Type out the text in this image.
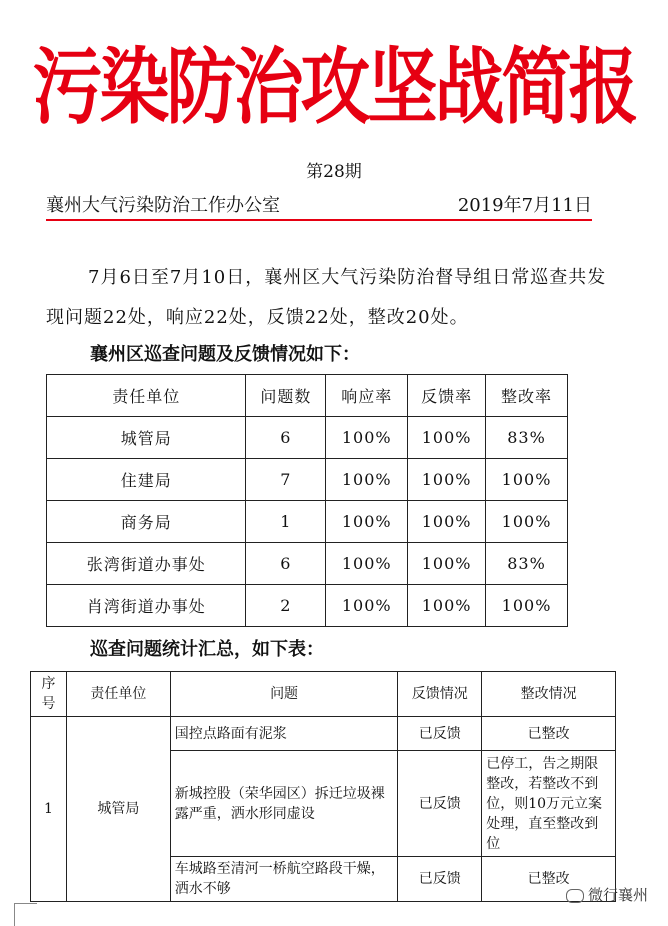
污染防治攻坚战简报
第28期
襄州大气污染防治工作办公室	2019年7月11日
7月6日至7月10日，襄州区大气污染防治督导组日常巡查共发现问题22处，响应22处，反馈22处，整改20处。
襄州区巡查问题及反馈情况如下：
责任单位	问题数	响应率	反馈率	整改率
城管局	6	100%	100%	83%
住建局	7	100%	100%	100%
商务局	1	100%	100%	100%
张湾街道办事处	6	100%	100%	83%
肖湾街道办事处	2	100%	100%	100%
巡查问题统计汇总，如下表：
序号	责任单位	问题	反馈情况	整改情况
1	城管局	国控点路面有泥浆	已反馈	已整改
		新城控股（荣华园区）拆迁垃圾裸露严重，洒水形同虚设	已反馈	已停工，告之期限整改，若整改不到位，则10万元立案处理，直至整改到位
		车城路至清河一桥航空路段干燥，洒水不够	已反馈	已整改
微行襄州
